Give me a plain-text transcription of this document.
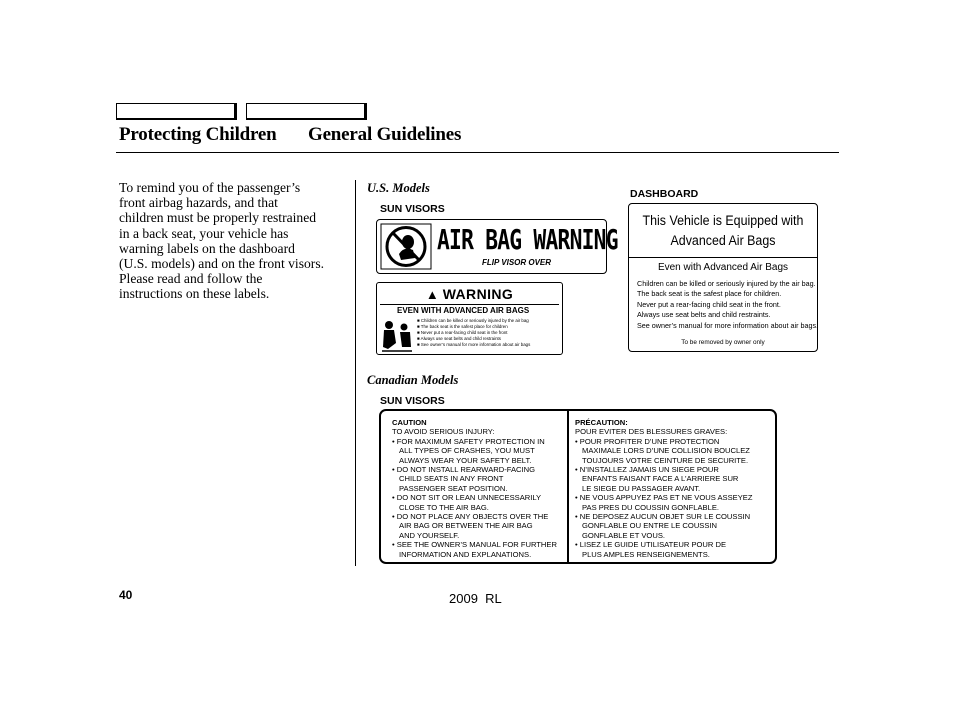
Protecting Children General Guidelines
To remind you of the passenger’s
front airbag hazards, and that
children must be properly restrained
in a back seat, your vehicle has
warning labels on the dashboard
(U.S. models) and on the front visors.
Please read and follow the
instructions on these labels.
U.S. Models
SUN VISORS
DASHBOARD
AIR BAG WARNING
FLIP VISOR OVER
▲ WARNING
EVEN WITH ADVANCED AIR BAGS
■ Children can be killed or seriously injured by the air bag
■ The back seat is the safest place for children
■ Never put a rear-facing child seat in the front
■ Always use seat belts and child restraints
■ See owner’s manual for more information about air bags
This Vehicle is Equipped with
Advanced Air Bags
Even with Advanced Air Bags
Children can be killed or seriously injured by the air bag.
The back seat is the safest place for children.
Never put a rear-facing child seat in the front.
Always use seat belts and child restraints.
See owner’s manual for more information about air bags.
To be removed by owner only
Canadian Models
SUN VISORS
CAUTION
TO AVOID SERIOUS INJURY:
• FOR MAXIMUM SAFETY PROTECTION IN
ALL TYPES OF CRASHES, YOU MUST
ALWAYS WEAR YOUR SAFETY BELT.
• DO NOT INSTALL REARWARD-FACING
CHILD SEATS IN ANY FRONT
PASSENGER SEAT POSITION.
• DO NOT SIT OR LEAN UNNECESSARILY
CLOSE TO THE AIR BAG.
• DO NOT PLACE ANY OBJECTS OVER THE
AIR BAG OR BETWEEN THE AIR BAG
AND YOURSELF.
• SEE THE OWNER’S MANUAL FOR FURTHER
INFORMATION AND EXPLANATIONS.
PRÉCAUTION:
POUR EVITER DES BLESSURES GRAVES:
• POUR PROFITER D’UNE PROTECTION
MAXIMALE LORS D’UNE COLLISION BOUCLEZ
TOUJOURS VOTRE CEINTURE DE SECURITE.
• N’INSTALLEZ JAMAIS UN SIEGE POUR
ENFANTS FAISANT FACE A L’ARRIERE SUR
LE SIEGE DU PASSAGER AVANT.
• NE VOUS APPUYEZ PAS ET NE VOUS ASSEYEZ
PAS PRES DU COUSSIN GONFLABLE.
• NE DEPOSEZ AUCUN OBJET SUR LE COUSSIN
GONFLABLE OU ENTRE LE COUSSIN
GONFLABLE ET VOUS.
• LISEZ LE GUIDE UTILISATEUR POUR DE
PLUS AMPLES RENSEIGNEMENTS.
40	2009  RL
